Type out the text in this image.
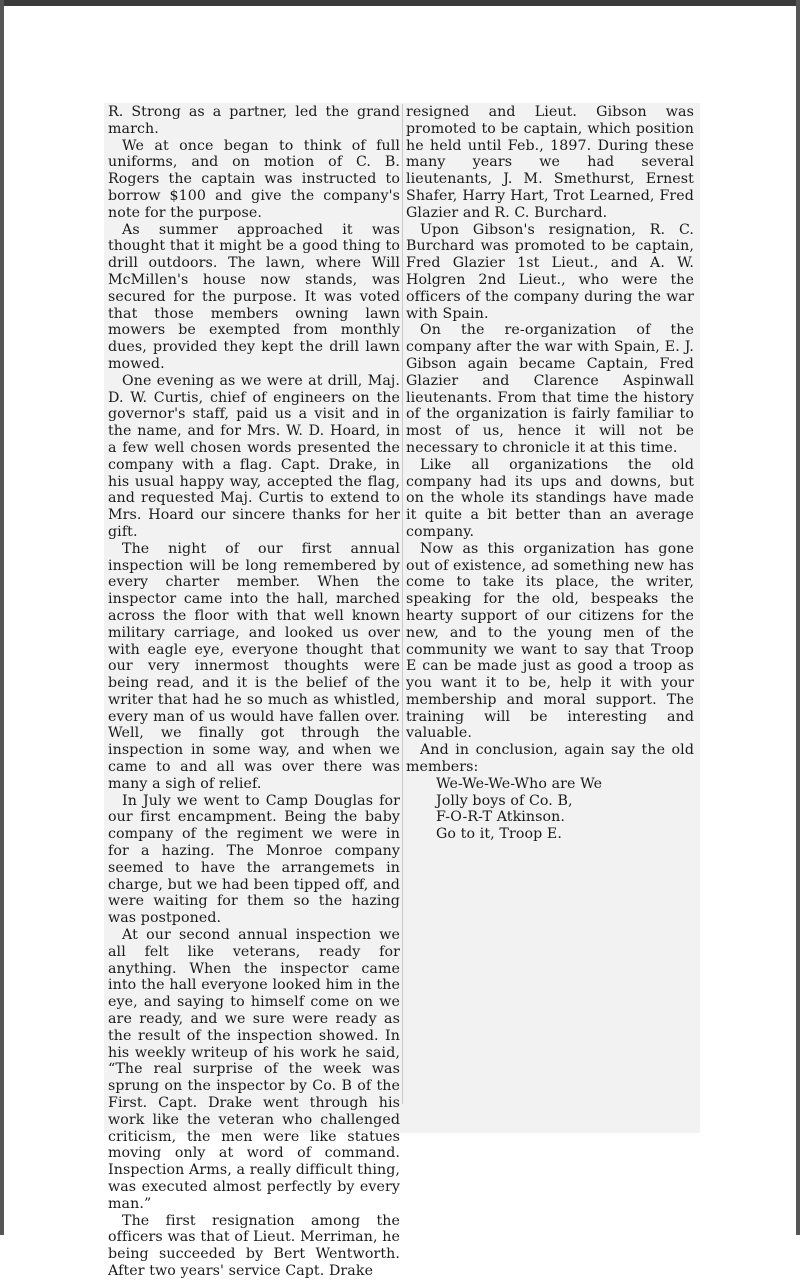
R. Strong as a partner, led the grand march.

We at once began to think of full uniforms, and on motion of C. B. Rogers the captain was instructed to borrow $100 and give the company's note for the purpose.

As summer approached it was thought that it might be a good thing to drill outdoors. The lawn, where Will McMillen's house now stands, was secured for the purpose. It was voted that those members owning lawn mowers be exempted from monthly dues, provided they kept the drill lawn mowed.

One evening as we were at drill, Maj. D. W. Curtis, chief of engineers on the governor's staff, paid us a visit and in the name, and for Mrs. W. D. Hoard, in a few well chosen words presented the company with a flag. Capt. Drake, in his usual happy way, accepted the flag, and requested Maj. Curtis to extend to Mrs. Hoard our sincere thanks for her gift.

The night of our first annual inspection will be long remembered by every charter member. When the inspector came into the hall, marched across the floor with that well known military carriage, and looked us over with eagle eye, everyone thought that our very innermost thoughts were being read, and it is the belief of the writer that had he so much as whistled, every man of us would have fallen over. Well, we finally got through the inspection in some way, and when we came to and all was over there was many a sigh of relief.

In July we went to Camp Douglas for our first encampment. Being the baby company of the regiment we were in for a hazing. The Monroe company seemed to have the arrangemets in charge, but we had been tipped off, and were waiting for them so the hazing was postponed.

At our second annual inspection we all felt like veterans, ready for anything. When the inspector came into the hall everyone looked him in the eye, and saying to himself come on we are ready, and we sure were ready as the result of the inspection showed. In his weekly writeup of his work he said, “The real surprise of the week was sprung on the inspector by Co. B of the First. Capt. Drake went through his work like the veteran who challenged criticism, the men were like statues moving only at word of command. Inspection Arms, a really difficult thing, was executed almost perfectly by every man.”

The first resignation among the officers was that of Lieut. Merriman, he being succeeded by Bert Wentworth. After two years' service Capt. Drake

resigned and Lieut. Gibson was promoted to be captain, which position he held until Feb., 1897. During these many years we had several lieutenants, J. M. Smethurst, Ernest Shafer, Harry Hart, Trot Learned, Fred Glazier and R. C. Burchard.

Upon Gibson's resignation, R. C. Burchard was promoted to be captain, Fred Glazier 1st Lieut., and A. W. Holgren 2nd Lieut., who were the officers of the company during the war with Spain.

On the re-organization of the company after the war with Spain, E. J. Gibson again became Captain, Fred Glazier and Clarence Aspinwall lieutenants. From that time the history of the organization is fairly familiar to most of us, hence it will not be necessary to chronicle it at this time.

Like all organizations the old company had its ups and downs, but on the whole its standings have made it quite a bit better than an average company.

Now as this organization has gone out of existence, ad something new has come to take its place, the writer, speaking for the old, bespeaks the hearty support of our citizens for the new, and to the young men of the community we want to say that Troop E can be made just as good a troop as you want it to be, help it with your membership and moral support. The training will be interesting and valuable.

And in conclusion, again say the old members:

We-We-We-Who are We
Jolly boys of Co. B,
F-O-R-T Atkinson.
Go to it, Troop E.
